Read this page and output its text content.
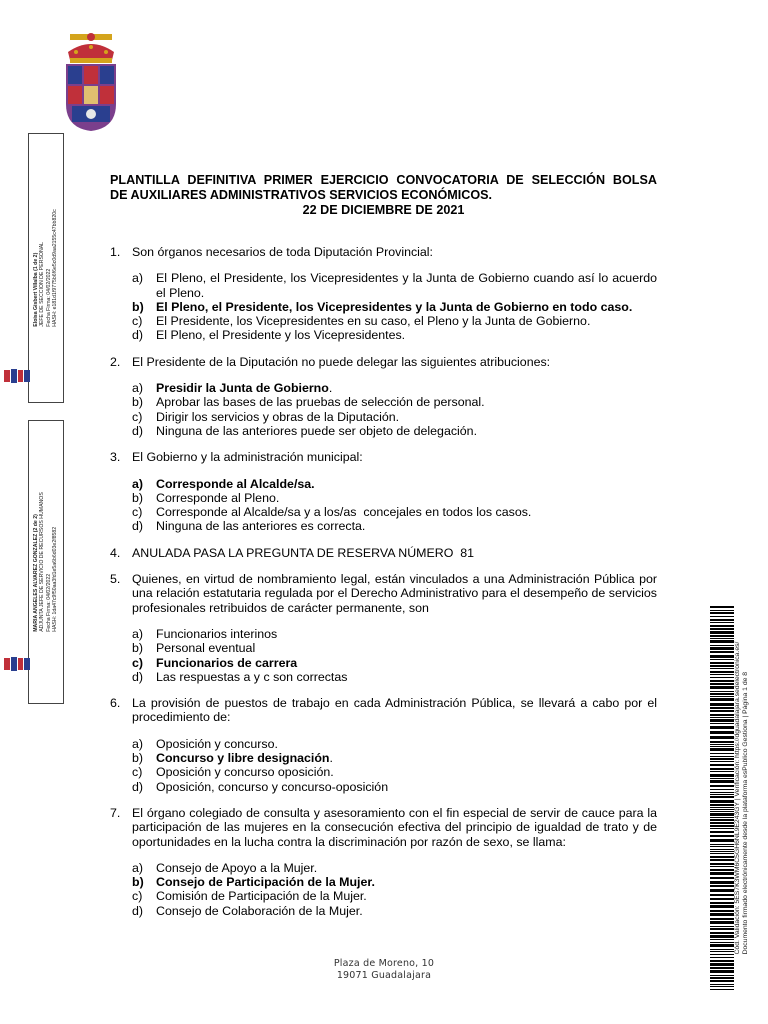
Eloisa Gisbert Villalba (1 de 2)
JEFE DE SECCION DE PERSONAL
Fecha Firma: 04/02/2022
HASH: e181d1f9775b6f6e5c0d9aa2155c47bb820c
MARIA ANGELES ALVAREZ GONZALEZ (2 de 2)
ADJUNTA JEFE DE SERVICIO DE RECURSOS HUMANOS
Fecha Firma: 04/02/2022
HASH: 1da47c9f50aa3fd1e5a6b6d03e2f8582
PLANTILLA DEFINITIVA PRIMER EJERCICIO CONVOCATORIA DE SELECCIÓN BOLSA
DE AUXILIARES ADMINISTRATIVOS SERVICIOS ECONÓMICOS.
22 DE DICIEMBRE DE 2021
1. Son órganos necesarios de toda Diputación Provincial:
a) El Pleno, el Presidente, los Vicepresidentes y la Junta de Gobierno cuando así lo acuerdo el Pleno.
b) El Pleno, el Presidente, los Vicepresidentes y la Junta de Gobierno en todo caso.
c) El Presidente, los Vicepresidentes en su caso, el Pleno y la Junta de Gobierno.
d) El Pleno, el Presidente y los Vicepresidentes.
2. El Presidente de la Diputación no puede delegar las siguientes atribuciones:
a) Presidir la Junta de Gobierno.
b) Aprobar las bases de las pruebas de selección de personal.
c) Dirigir los servicios y obras de la Diputación.
d) Ninguna de las anteriores puede ser objeto de delegación.
3. El Gobierno y la administración municipal:
a) Corresponde al Alcalde/sa.
b) Corresponde al Pleno.
c) Corresponde al Alcalde/sa y a los/as  concejales en todos los casos.
d) Ninguna de las anteriores es correcta.
4. ANULADA PASA LA PREGUNTA DE RESERVA NÚMERO  81
5. Quienes, en virtud de nombramiento legal, están vinculados a una Administración Pública por una relación estatutaria regulada por el Derecho Administrativo para el desempeño de servicios profesionales retribuidos de carácter permanente, son
a) Funcionarios interinos
b) Personal eventual
c) Funcionarios de carrera
d) Las respuestas a y c son correctas
6. La provisión de puestos de trabajo en cada Administración Pública, se llevará a cabo por el procedimiento de:
a) Oposición y concurso.
b) Concurso y libre designación.
c) Oposición y concurso oposición.
d) Oposición, concurso y concurso-oposición
7. El órgano colegiado de consulta y asesoramiento con el fin especial de servir de cauce para la participación de las mujeres en la consecución efectiva del principio de igualdad de trato y de oportunidades en la lucha contra la discriminación por razón de sexo, se llama:
a) Consejo de Apoyo a la Mujer.
b) Consejo de Participación de la Mujer.
c) Comisión de Participación de la Mujer.
d) Consejo de Colaboración de la Mujer.
Plaza de Moreno, 10
19071 Guadalajara
Cód. Validación: 5ES7K3WM6C5GH6NL9E243GY | Verificación: https://dguadalajara.sedelectronica.es/
Documento firmado electrónicamente desde la plataforma esPublico Gestiona | Página 1 de 8
